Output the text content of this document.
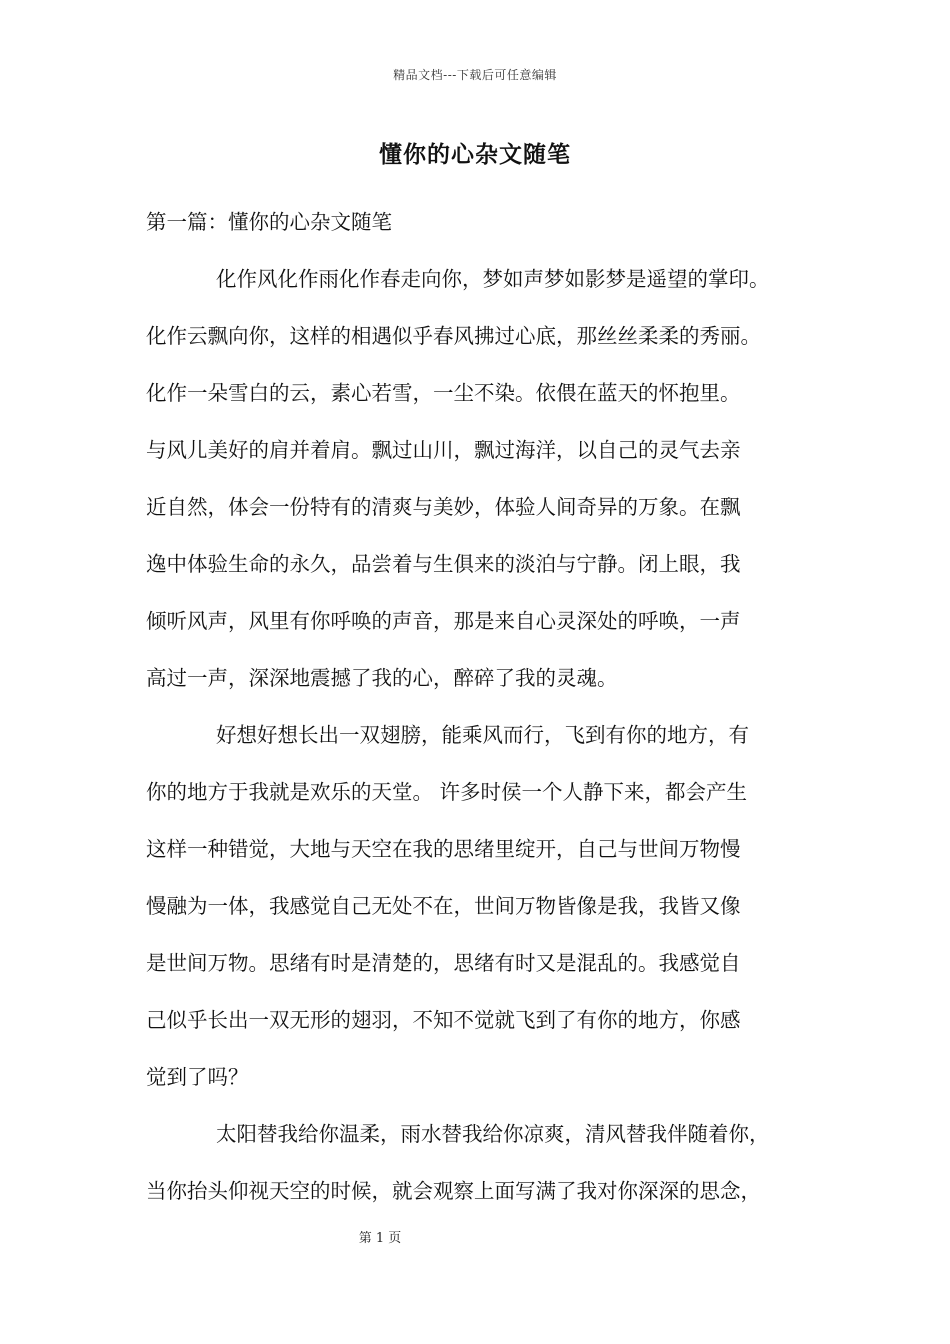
精品文档---下载后可任意编辑
懂你的心杂文随笔
第一篇：懂你的心杂文随笔
化作风化作雨化作春走向你，梦如声梦如影梦是遥望的掌印。
化作云飘向你，这样的相遇似乎春风拂过心底，那丝丝柔柔的秀丽。
化作一朵雪白的云，素心若雪，一尘不染。依偎在蓝天的怀抱里。
与风儿美好的肩并着肩。飘过山川，飘过海洋，以自己的灵气去亲
近自然，体会一份特有的清爽与美妙，体验人间奇异的万象。在飘
逸中体验生命的永久，品尝着与生俱来的淡泊与宁静。闭上眼，我
倾听风声，风里有你呼唤的声音，那是来自心灵深处的呼唤，一声
高过一声，深深地震撼了我的心，醉碎了我的灵魂。
好想好想长出一双翅膀，能乘风而行，飞到有你的地方，有
你的地方于我就是欢乐的天堂。 许多时侯一个人静下来，都会产生
这样一种错觉，大地与天空在我的思绪里绽开，自己与世间万物慢
慢融为一体，我感觉自己无处不在，世间万物皆像是我，我皆又像
是世间万物。思绪有时是清楚的，思绪有时又是混乱的。我感觉自
己似乎长出一双无形的翅羽，不知不觉就飞到了有你的地方，你感
觉到了吗？
太阳替我给你温柔，雨水替我给你凉爽，清风替我伴随着你，
当你抬头仰视天空的时候，就会观察上面写满了我对你深深的思念，
第 1 页
